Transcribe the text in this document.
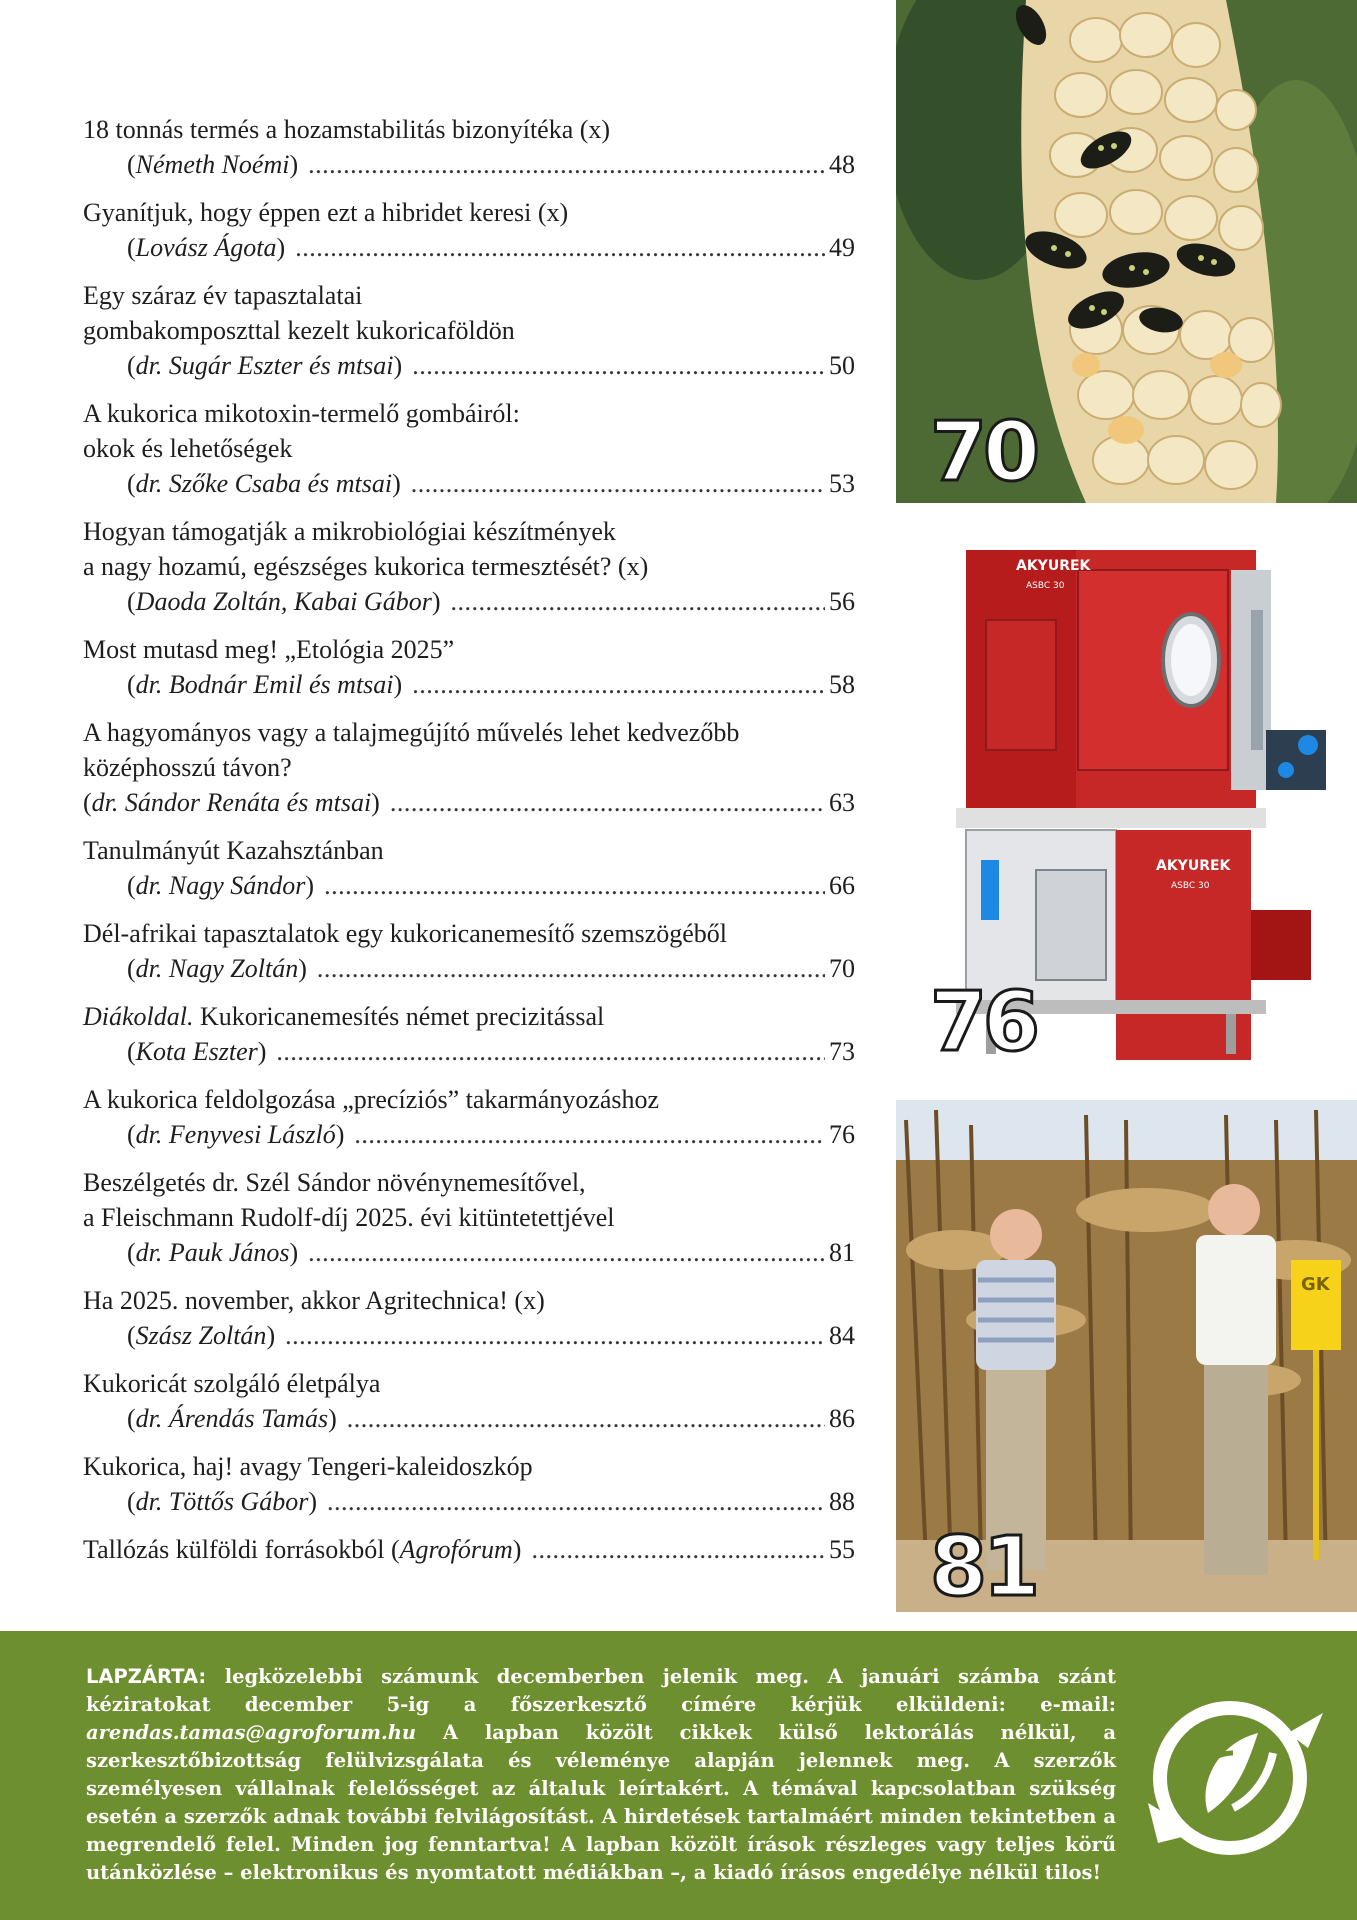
18 tonnás termés a hozamstabilitás bizonyítéka (x)
( Németh Noémi ) . . .	48
Gyanítjuk, hogy éppen ezt a hibridet keresi (x)
( Lovász Ágota ) . . .	49
Egy száraz év tapasztalatai
gombakomposzttal kezelt kukoricaföldön
( dr. Sugár Eszter és mtsai ) . . .	50
A kukorica mikotoxin-termelő gombáiról:
okok és lehetőségek
( dr. Szőke Csaba és mtsai ) . . .	53
Hogyan támogatják a mikrobiológiai készítmények
a nagy hozamú, egészséges kukorica termesztését? (x)
( Daoda Zoltán, Kabai Gábor ) . . .	56
Most mutasd meg! „Etológia 2025”
( dr. Bodnár Emil és mtsai ) . . .	58
A hagyományos vagy a talajmegújító művelés lehet kedvezőbb
középhosszú távon?
( dr. Sándor Renáta és mtsai ) . . .	63
Tanulmányút Kazahsztánban
( dr. Nagy Sándor ) . . .	66
Dél-afrikai tapasztalatok egy kukoricanemesítő szemszögéből
( dr. Nagy Zoltán ) . . .	70
Diákoldal. Kukoricanemesítés német precizitással
( Kota Eszter ) . . .	73
A kukorica feldolgozása „precíziós” takarmányozáshoz
( dr. Fenyvesi László ) . . .	76
Beszélgetés dr. Szél Sándor növénynemesítővel,
a Fleischmann Rudolf-díj 2025. évi kitüntetettjével
( dr. Pauk János ) . . .	81
Ha 2025. november, akkor Agritechnica! (x)
( Szász Zoltán ) . . .	84
Kukoricát szolgáló életpálya
( dr. Árendás Tamás ) . . .	86
Kukorica, haj! avagy Tengeri-kaleidoszkóp
( dr. Töttős Gábor ) . . .	88
Tallózás külföldi forrásokból ( Agrofórum ) . . .	55
70
AKYUREK
ASBC 30
AKYUREK
ASBC 30
76
GK
81
LAPZÁRTA: legközelebbi számunk decemberben jelenik meg. A januári számba szánt kéziratokat december 5-ig a főszerkesztő címére kérjük elküldeni: e-mail: arendas.tamas@agroforum.hu A lapban közölt cikkek külső lektorálás nélkül, a szerkesztőbizottság felülvizsgálata és véleménye alapján jelennek meg. A szerzők személyesen vállalnak felelősséget az általuk leírtakért. A témával kapcsolatban szükség esetén a szerzők adnak további felvilágosítást. A hirdetések tartalmáért minden tekintetben a megrendelő felel. Minden jog fenntartva! A lapban közölt írások részleges vagy teljes körű utánközlése – elektronikus és nyomtatott médiákban –, a kiadó írásos engedélye nélkül tilos!
